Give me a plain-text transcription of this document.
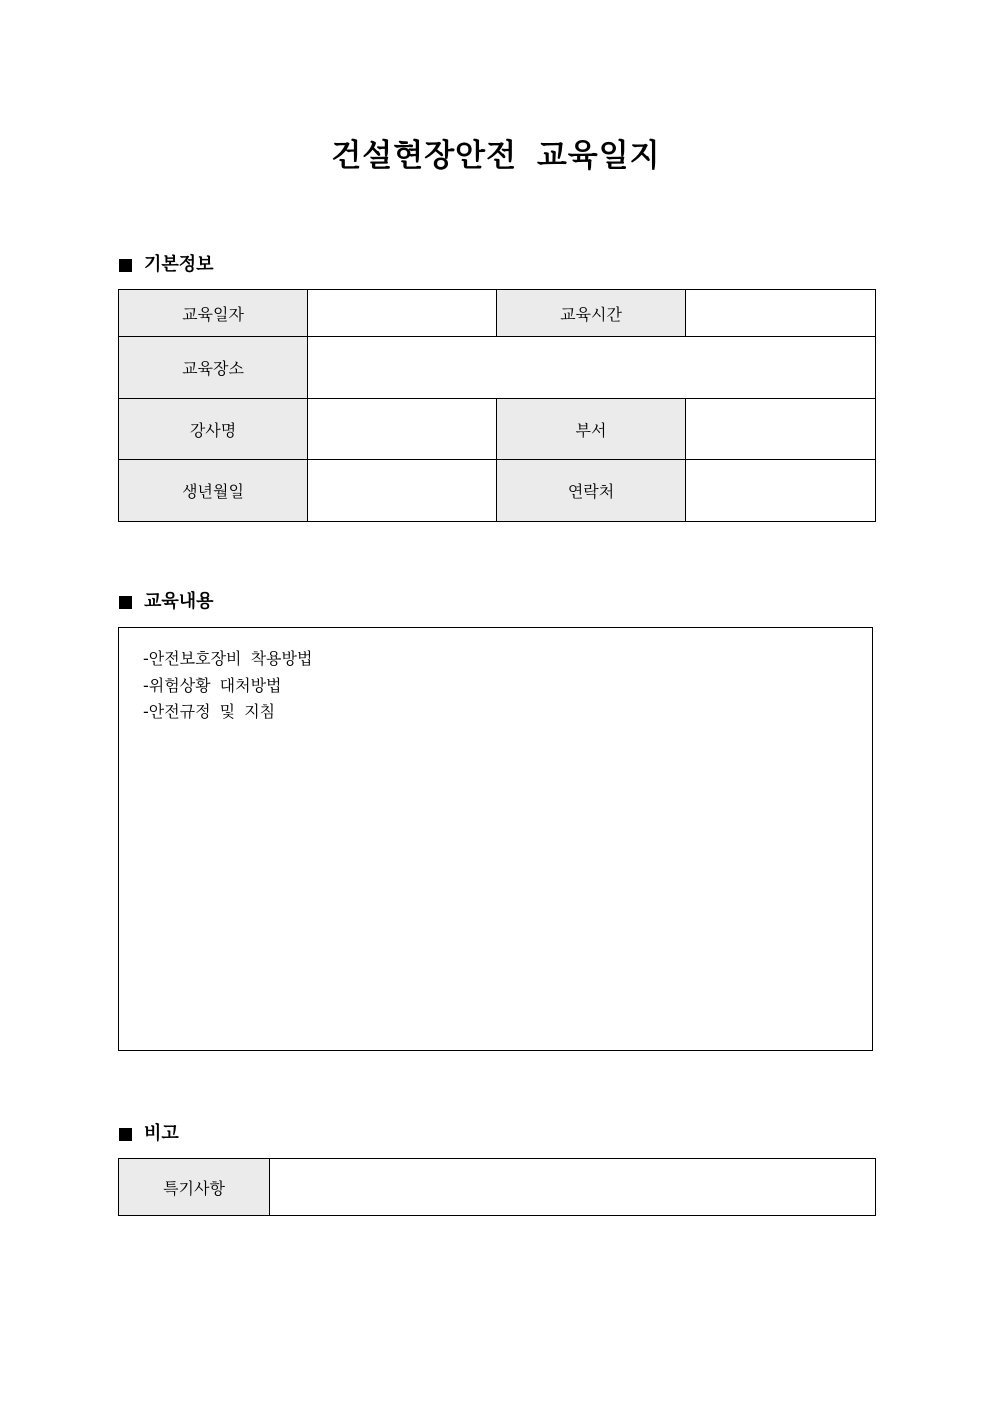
건설현장안전 교육일지
기본정보
교육일자		교육시간	
교육장소			
강사명		부서	
생년월일		연락처	
교육내용
-안전보호장비 착용방법
-위험상황 대처방법
-안전규정 및 지침
비고
특기사항	
